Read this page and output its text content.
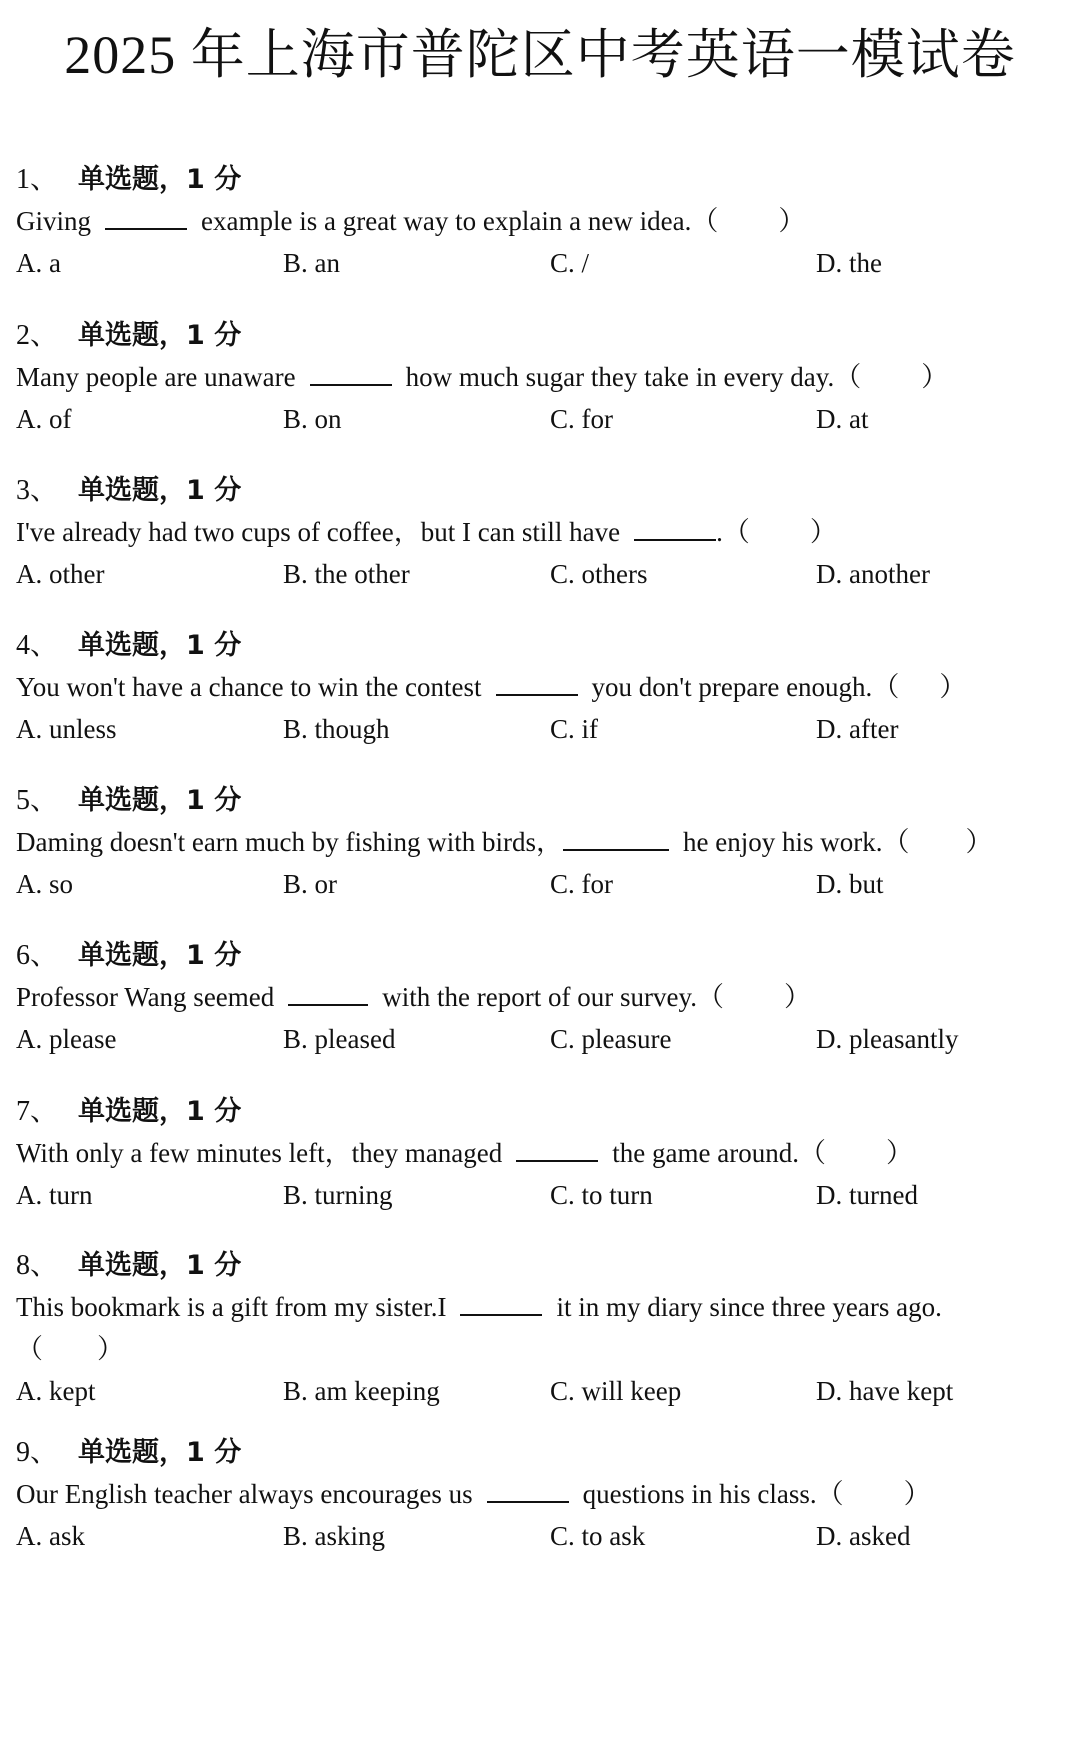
2025 年上海市普陀区中考英语一模试卷
1、 单选题，1 分
Giving	example is a great way to explain a new idea.（ ）
A. a	B. an	C. /	D. the
2、 单选题，1 分
Many people are unaware	how much sugar they take in every day.（ ）
A. of	B. on	C. for	D. at
3、 单选题，1 分
I've already had two cups of coffee，but I can still have	.（ ）
A. other	B. the other	C. others	D. another
4、 单选题，1 分
You won't have a chance to win the contest	you don't prepare enough.（ ）
A. unless	B. though	C. if	D. after
5、 单选题，1 分
Daming doesn't earn much by fishing with birds，	he enjoy his work.（ ）
A. so	B. or	C. for	D. but
6、 单选题，1 分
Professor Wang seemed	with the report of our survey.（ ）
A. please	B. pleased	C. pleasure	D. pleasantly
7、 单选题，1 分
With only a few minutes left，they managed	the game around.（ ）
A. turn	B. turning	C. to turn	D. turned
8、 单选题，1 分
This bookmark is a gift from my sister.I	it in my diary since three years ago.
（ ）
A. kept	B. am keeping	C. will keep	D. have kept
9、 单选题，1 分
Our English teacher always encourages us	questions in his class.（ ）
A. ask	B. asking	C. to ask	D. asked
